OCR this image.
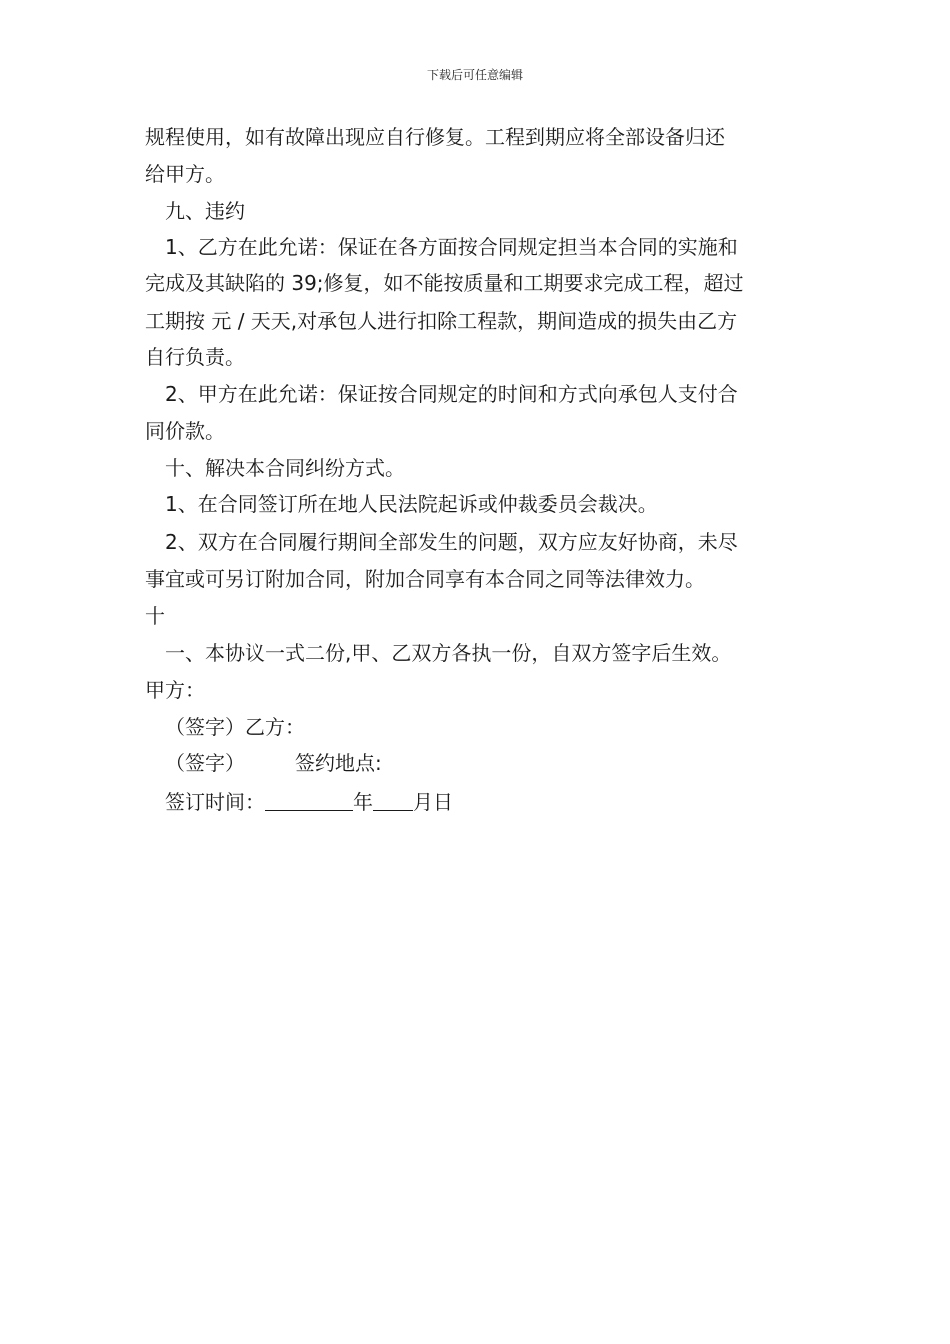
下载后可任意编辑
规程使用，如有故障出现应自行修复。工程到期应将全部设备归还
给甲方。
九、违约
1、乙方在此允诺：保证在各方面按合同规定担当本合同的实施和
完成及其缺陷的 39;修复，如不能按质量和工期要求完成工程，超过
工期按 元 / 天天,对承包人进行扣除工程款，期间造成的损失由乙方
自行负责。
2、甲方在此允诺：保证按合同规定的时间和方式向承包人支付合
同价款。
十、解决本合同纠纷方式。
1、在合同签订所在地人民法院起诉或仲裁委员会裁决。
2、双方在合同履行期间全部发生的问题，双方应友好协商，未尽
事宜或可另订附加合同，附加合同享有本合同之同等法律效力。
十
一、本协议一式二份,甲、乙双方各执一份，自双方签字后生效。
甲方：
（签字）乙方：
（签字）	签约地点:
签订时间：	年 月日
